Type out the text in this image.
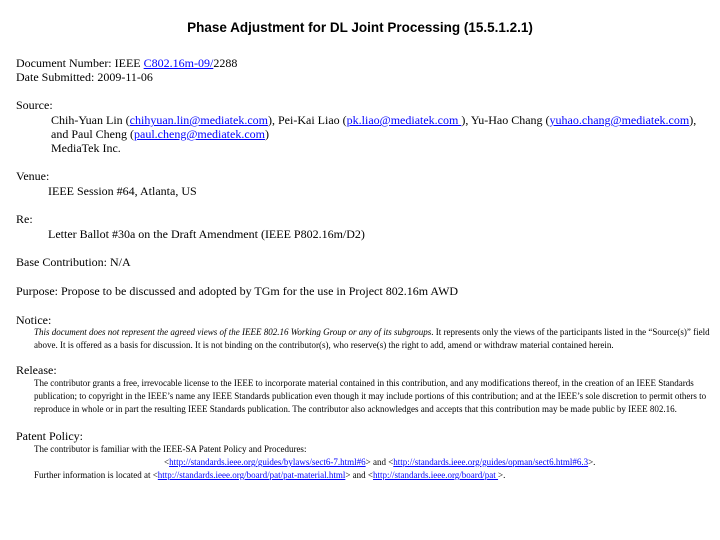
Phase Adjustment for DL Joint Processing (15.5.1.2.1)
Document Number: IEEE C802.16m-09/2288
Date Submitted: 2009-11-06
Source:
Chih-Yuan Lin (chihyuan.lin@mediatek.com), Pei-Kai Liao (pk.liao@mediatek.com ), Yu-Hao Chang (yuhao.chang@mediatek.com),
and Paul Cheng (paul.cheng@mediatek.com)
MediaTek Inc.
Venue:
IEEE Session #64, Atlanta, US
Re:
Letter Ballot #30a on the Draft Amendment (IEEE P802.16m/D2)
Base Contribution: N/A
Purpose: Propose to be discussed and adopted by TGm for the use in Project 802.16m AWD
Notice:
This document does not represent the agreed views of the IEEE 802.16 Working Group or any of its subgroups. It represents only the views of the participants listed in the “Source(s)” field above. It is offered as a basis for discussion. It is not binding on the contributor(s), who reserve(s) the right to add, amend or withdraw material contained herein.
Release:
The contributor grants a free, irrevocable license to the IEEE to incorporate material contained in this contribution, and any modifications thereof, in the creation of an IEEE Standards publication; to copyright in the IEEE’s name any IEEE Standards publication even though it may include portions of this contribution; and at the IEEE’s sole discretion to permit others to reproduce in whole or in part the resulting IEEE Standards publication. The contributor also acknowledges and accepts that this contribution may be made public by IEEE 802.16.
Patent Policy:
The contributor is familiar with the IEEE-SA Patent Policy and Procedures:
<http://standards.ieee.org/guides/bylaws/sect6-7.html#6> and <http://standards.ieee.org/guides/opman/sect6.html#6.3>.
Further information is located at <http://standards.ieee.org/board/pat/pat-material.html> and <http://standards.ieee.org/board/pat >.
